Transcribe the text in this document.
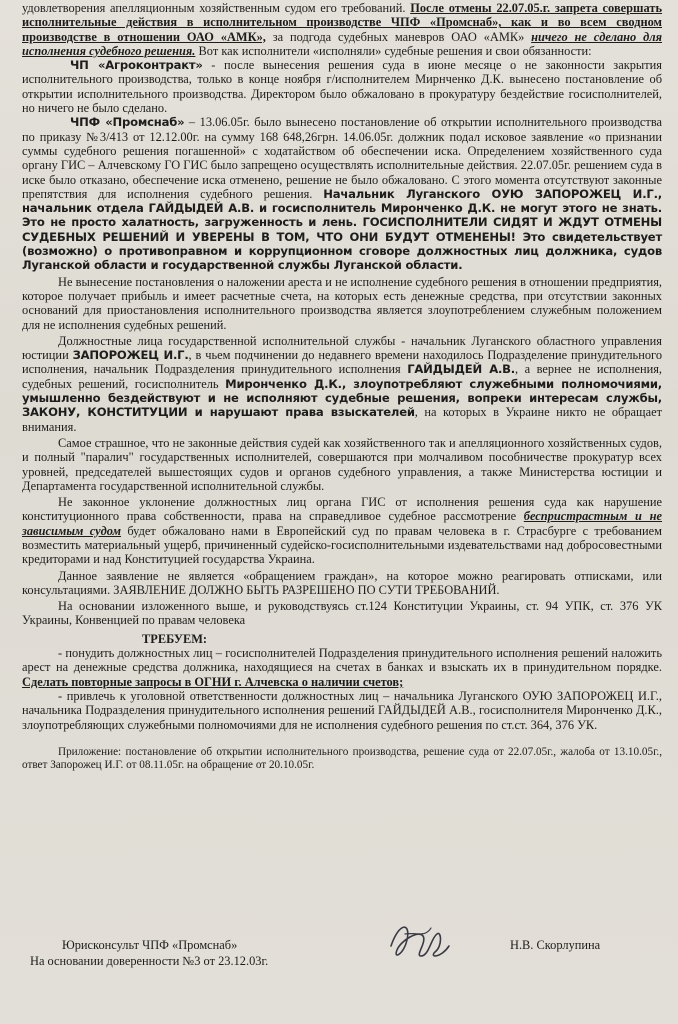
удовлетворения апелляционным хозяйственным судом его требований. После отмены 22.07.05.г. запрета совершать исполнительные действия в исполнительном производстве ЧПФ «Промснаб», как и во всем сводном производстве в отношении ОАО «АМК», за подгода судебных маневров ОАО «АМК» ничего не сделано для исполнения судебного решения. Вот как исполнители «исполняли» судебные решения и свои обязанности:

ЧП «Агроконтракт» - после вынесения решения суда в июне месяце о не законности закрытия исполнительного производства, только в конце ноября г/исполнителем Мирнченко Д.К. вынесено постановление об открытии исполнительного производства. Директором было обжаловано в прокуратуру бездействие госисполнителей, но ничего не было сделано.

ЧПФ «Промснаб» – 13.06.05г. было вынесено постановление об открытии исполнительного производства по приказу №3/413 от 12.12.00г. на сумму 168 648,26грн. 14.06.05г. должник подал исковое заявление «о признании суммы судебного решения погашенной» с ходатайством об обеспечении иска. Определением хозяйственного суда органу ГИС – Алчевскому ГО ГИС было запрещено осуществлять исполнительные действия. 22.07.05г. решением суда в иске было отказано, обеспечение иска отменено, решение не было обжаловано. С этого момента отсутствуют законные препятствия для исполнения судебного решения. Начальник Луганского ОУЮ ЗАПОРОЖЕЦ И.Г., начальник отдела ГАЙДЫДЕЙ А.В. и госисполнитель Миронченко Д.К. не могут этого не знать. Это не просто халатность, загруженность и лень. ГОСИСПОЛНИТЕЛИ СИДЯТ И ЖДУТ ОТМЕНЫ СУДЕБНЫХ РЕШЕНИЙ И УВЕРЕНЫ В ТОМ, ЧТО ОНИ БУДУТ ОТМЕНЕНЫ! Это свидетельствует (возможно) о противоправном и коррупционном сговоре должностных лиц должника, судов Луганской области и государственной службы Луганской области.

Не вынесение постановления о наложении ареста и не исполнение судебного решения в отношении предприятия, которое получает прибыль и имеет расчетные счета, на которых есть денежные средства, при отсутствии законных оснований для приостановления исполнительного производства является злоупотреблением служебным положением для не исполнения судебных решений.

Должностные лица государственной исполнительной службы - начальник Луганского областного управления юстиции ЗАПОРОЖЕЦ И.Г., в чьем подчинении до недавнего времени находилось Подразделение принудительного исполнения, начальник Подразделения принудительного исполнения ГАЙДЫДЕЙ А.В., а вернее не исполнения, судебных решений, госисполнитель Миронченко Д.К., злоупотребляют служебными полномочиями, умышленно бездействуют и не исполняют судебные решения, вопреки интересам службы, ЗАКОНУ, КОНСТИТУЦИИ и нарушают права взыскателей, на которых в Украине никто не обращает внимания.

Самое страшное, что не законные действия судей как хозяйственного так и апелляционного хозяйственных судов, и полный "паралич" государственных исполнителей, совершаются при молчаливом пособничестве прокуратур всех уровней, председателей вышестоящих судов и органов судебного управления, а также Министерства юстиции и Департамента государственной исполнительной службы.

Не законное уклонение должностных лиц органа ГИС от исполнения решения суда как нарушение конституционного права собственности, права на справедливое судебное рассмотрение беспристрастным и не зависимым судом будет обжаловано нами в Европейский суд по правам человека в г. Страсбурге с требованием возместить материальный ущерб, причиненный судейско-госисполнительными издевательствами над добросовестными кредиторами и над Конституцией государства Украина.

Данное заявление не является «обращением граждан», на которое можно реагировать отписками, или консультациями. ЗАЯВЛЕНИЕ ДОЛЖНО БЫТЬ РАЗРЕШЕНО ПО СУТИ ТРЕБОВАНИЙ.

На основании изложенного выше, и руководствуясь ст.124 Конституции Украины, ст. 94 УПК, ст. 376 УК Украины, Конвенцией по правам человека

ТРЕБУЕМ:

- понудить должностных лиц – госисполнителей Подразделения принудительного исполнения решений наложить арест на денежные средства должника, находящиеся на счетах в банках и взыскать их в принудительном порядке. Сделать повторные запросы в ОГНИ г. Алчевска о наличии счетов;

- привлечь к уголовной ответственности должностных лиц – начальника Луганского ОУЮ ЗАПОРОЖЕЦ И.Г., начальника Подразделения принудительного исполнения решений ГАЙДЫДЕЙ А.В., госисполнителя Миронченко Д.К., злоупотребляющих служебными полномочиями для не исполнения судебного решения по ст.ст. 364, 376 УК.

Приложение: постановление об открытии исполнительного производства, решение суда от 22.07.05г., жалоба от 13.10.05г., ответ Запорожец И.Г. от 08.11.05г. на обращение от 20.10.05г.

Юрисконсульт ЧПФ «Промснаб»
На основании доверенности №3 от 23.12.03г.
Н.В. Скорлупина
